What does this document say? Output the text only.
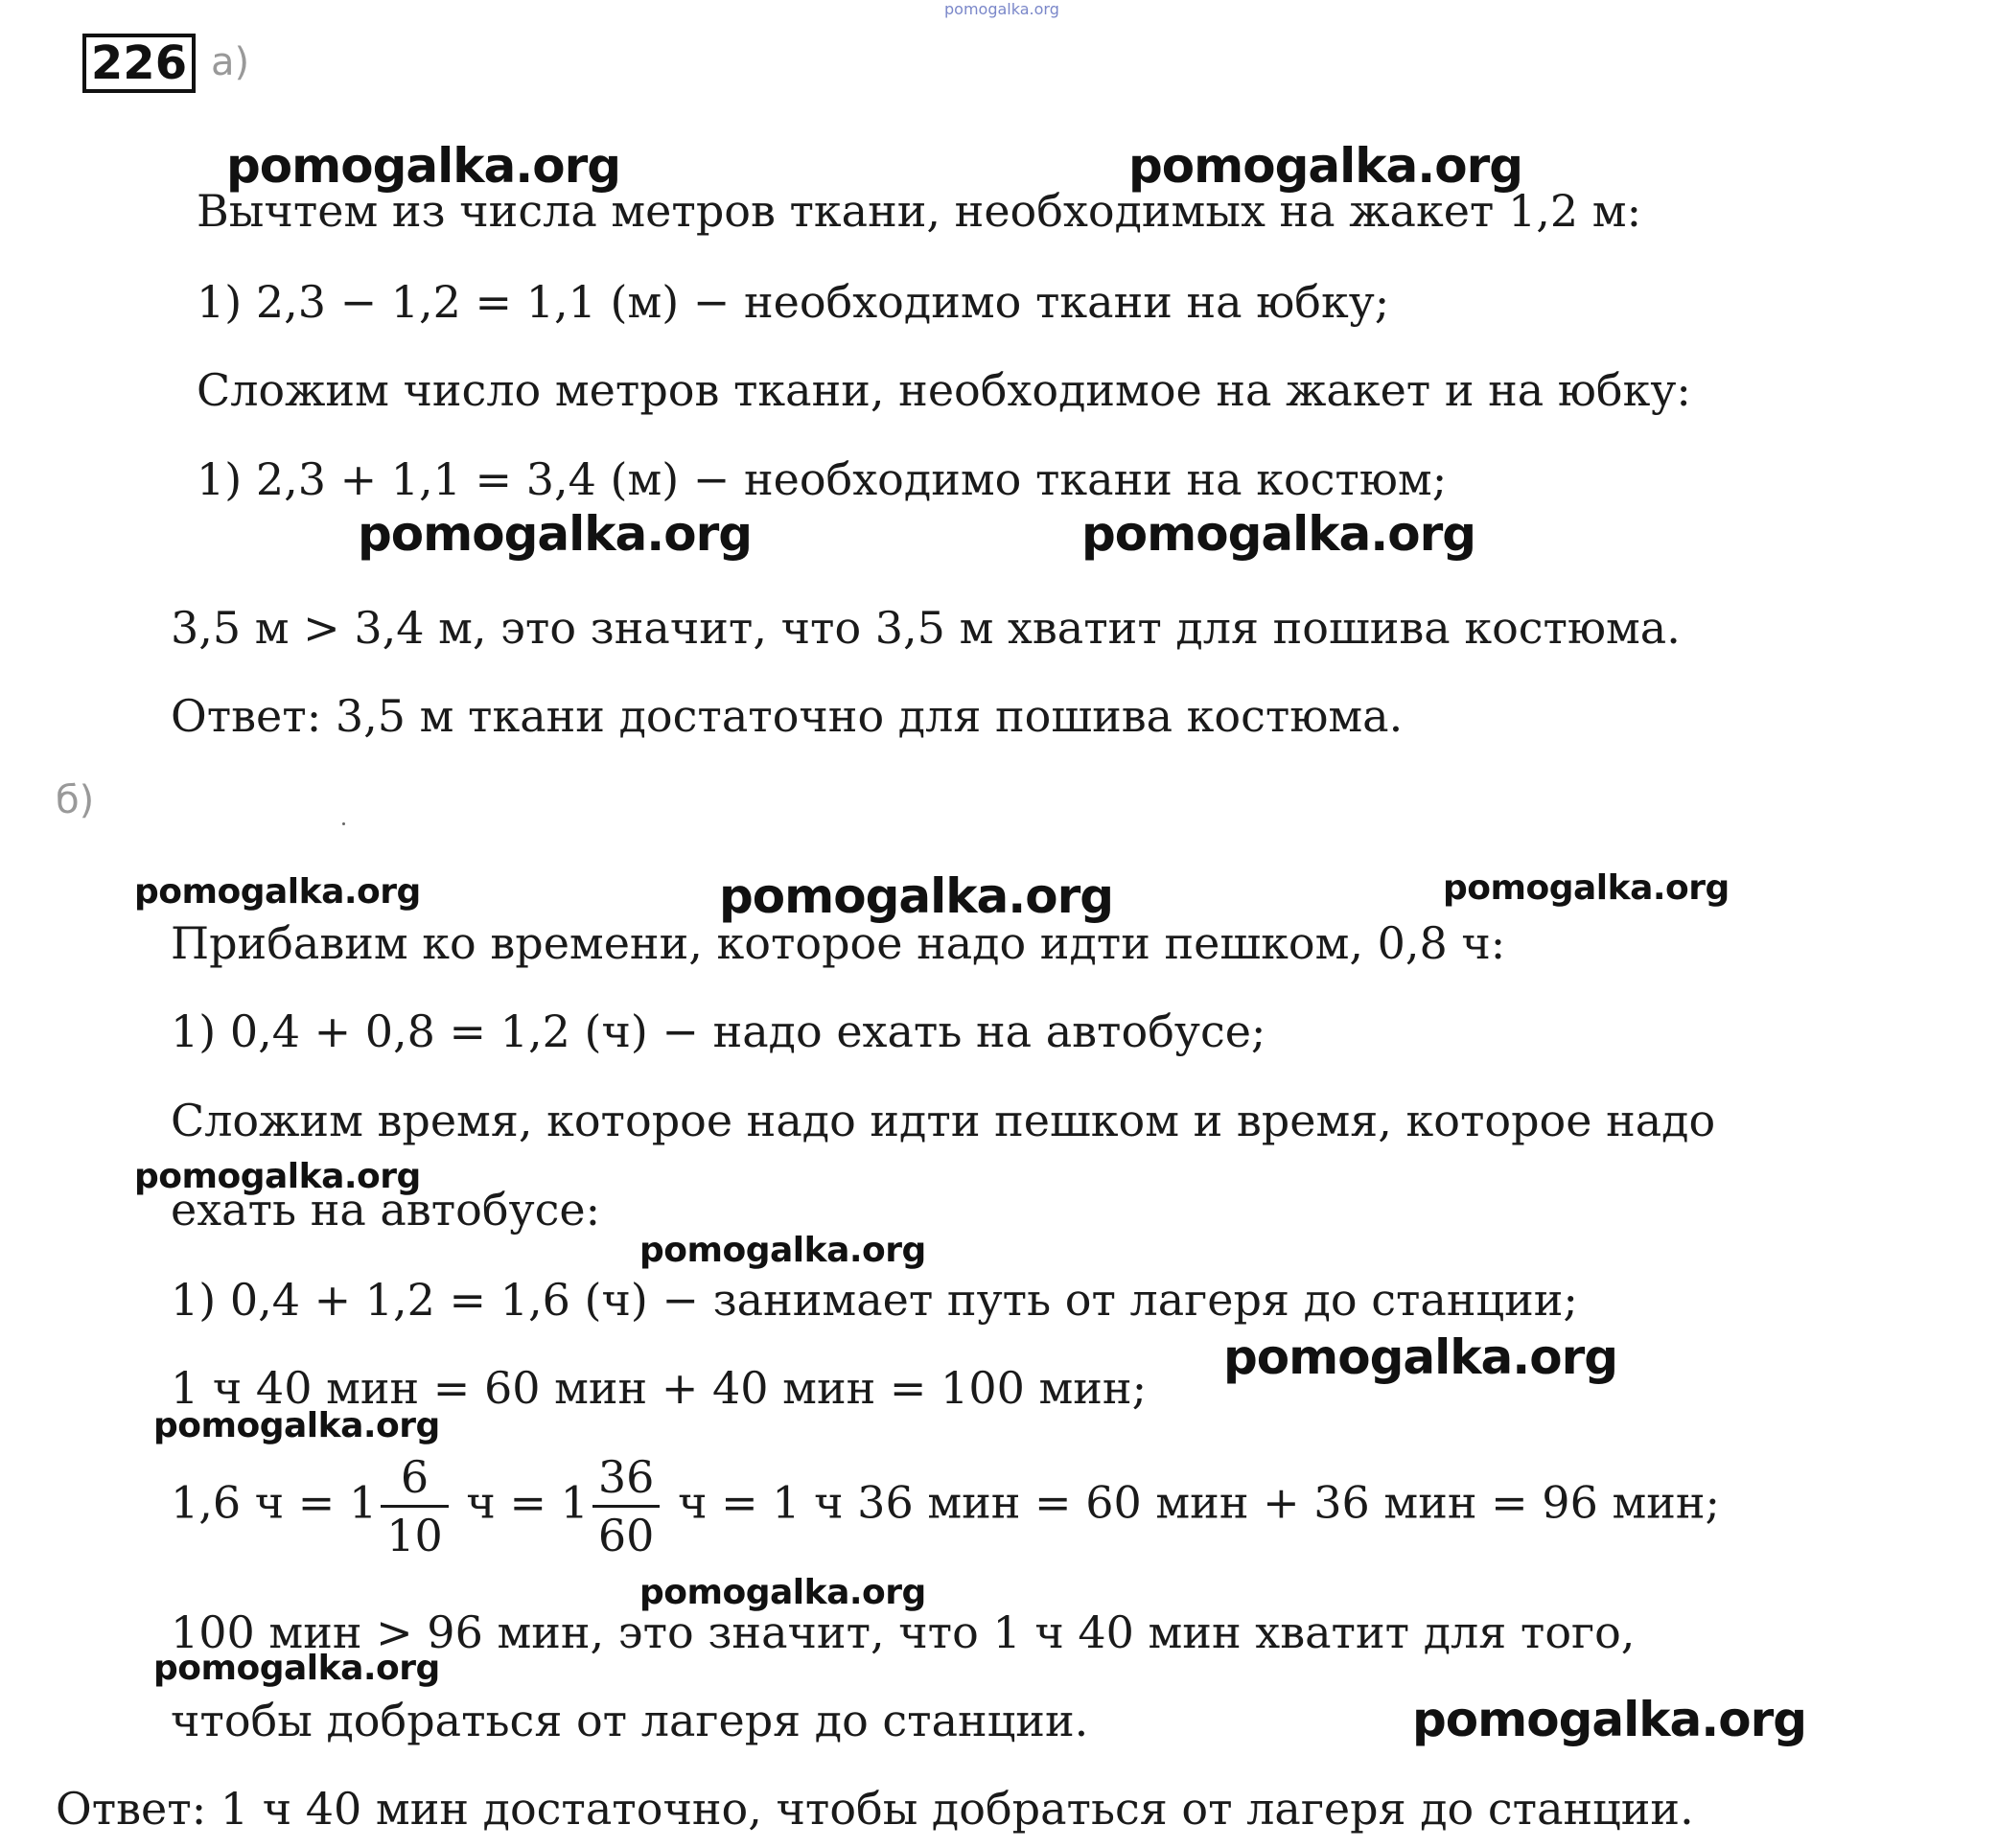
pomogalka.org
226 а)
pomogalka.org	pomogalka.org
Вычтем из числа метров ткани, необходимых на жакет 1,2 м:
1) 2,3 − 1,2 = 1,1 (м) − необходимо ткани на юбку;
Сложим число метров ткани, необходимое на жакет и на юбку:
1) 2,3 + 1,1 = 3,4 (м) − необходимо ткани на костюм;
pomogalka.org	pomogalka.org
3,5 м > 3,4 м, это значит, что 3,5 м хватит для пошива костюма.
Ответ: 3,5 м ткани достаточно для пошива костюма.
б)
pomogalka.org	pomogalka.org	pomogalka.org
Прибавим ко времени, которое надо идти пешком, 0,8 ч:
1) 0,4 + 0,8 = 1,2 (ч) − надо ехать на автобусе;
Сложим время, которое надо идти пешком и время, которое надо
pomogalka.org
ехать на автобусе:
pomogalka.org
1) 0,4 + 1,2 = 1,6 (ч) − занимает путь от лагеря до станции;
pomogalka.org
1 ч 40 мин = 60 мин + 40 мин = 100 мин;
pomogalka.org
1,6 $ч = 1 \frac{6}{10}$ $ч = 1 \frac{36}{60}$ ч = 1 ч 36 мин = 60 мин + 36 мин = 96 мин;
pomogalka.org
100 мин > 96 мин, это значит, что 1 ч 40 мин хватит для того,
pomogalka.org
чтобы добраться от лагеря до станции.	pomogalka.org
Ответ: 1 ч 40 мин достаточно, чтобы добраться от лагеря до станции.
